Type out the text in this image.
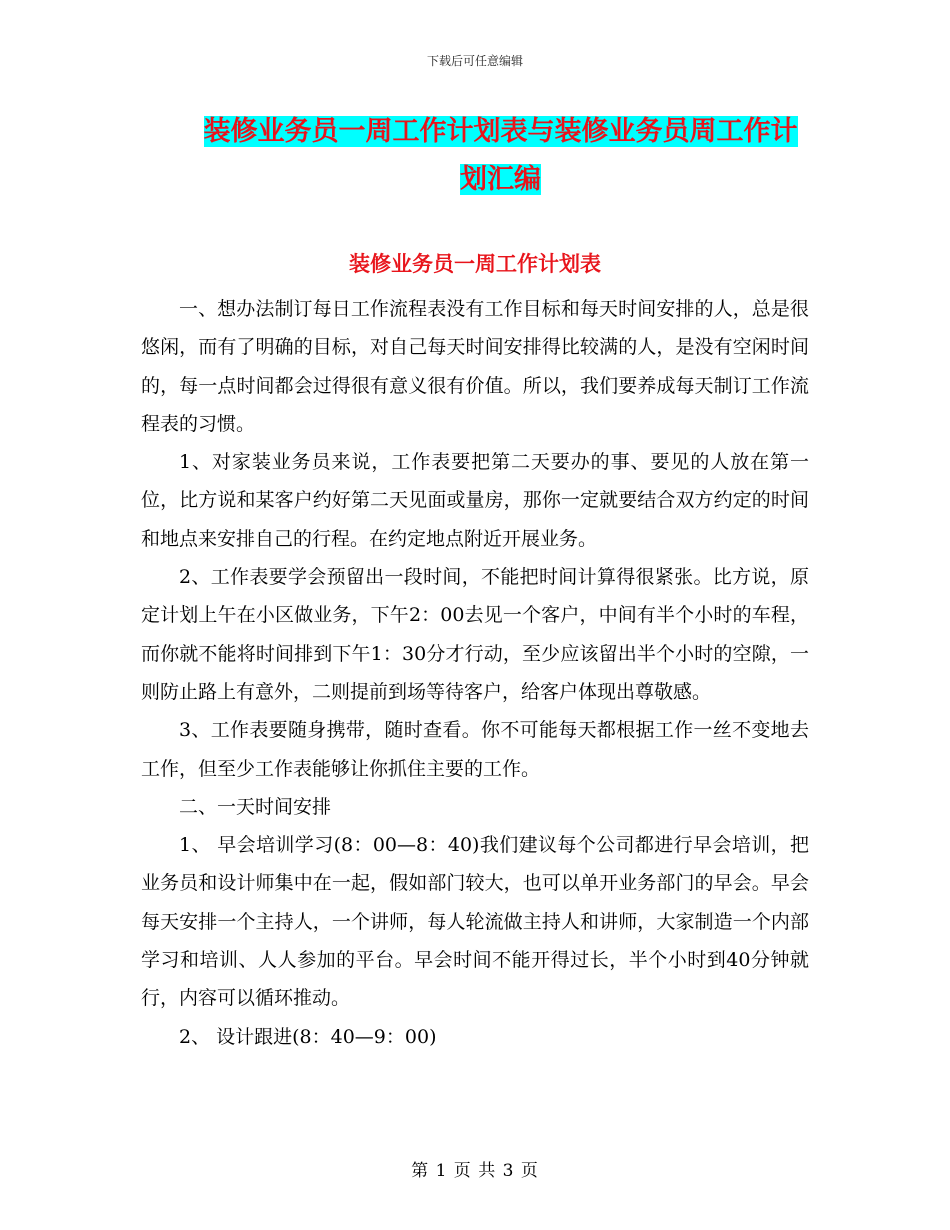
下载后可任意编辑
装修业务员一周工作计划表与装修业务员周工作计划汇编
装修业务员一周工作计划表

一、想办法制订每日工作流程表没有工作目标和每天时间安排的人，总是很悠闲，而有了明确的目标，对自己每天时间安排得比较满的人，是没有空闲时间的，每一点时间都会过得很有意义很有价值。所以，我们要养成每天制订工作流程表的习惯。

1、对家装业务员来说，工作表要把第二天要办的事、要见的人放在第一位，比方说和某客户约好第二天见面或量房，那你一定就要结合双方约定的时间和地点来安排自己的行程。在约定地点附近开展业务。

2、工作表要学会预留出一段时间，不能把时间计算得很紧张。比方说，原定计划上午在小区做业务，下午2：00去见一个客户，中间有半个小时的车程，而你就不能将时间排到下午1：30分才行动，至少应该留出半个小时的空隙，一则防止路上有意外，二则提前到场等待客户，给客户体现出尊敬感。

3、工作表要随身携带，随时查看。你不可能每天都根据工作一丝不变地去工作，但至少工作表能够让你抓住主要的工作。

二、一天时间安排

1、 早会培训学习(8：00—8：40)我们建议每个公司都进行早会培训，把业务员和设计师集中在一起，假如部门较大，也可以单开业务部门的早会。早会每天安排一个主持人，一个讲师，每人轮流做主持人和讲师，大家制造一个内部学习和培训、人人参加的平台。早会时间不能开得过长，半个小时到40分钟就行，内容可以循环推动。

2、 设计跟进(8：40—9：00)

第 1 页 共 3 页
